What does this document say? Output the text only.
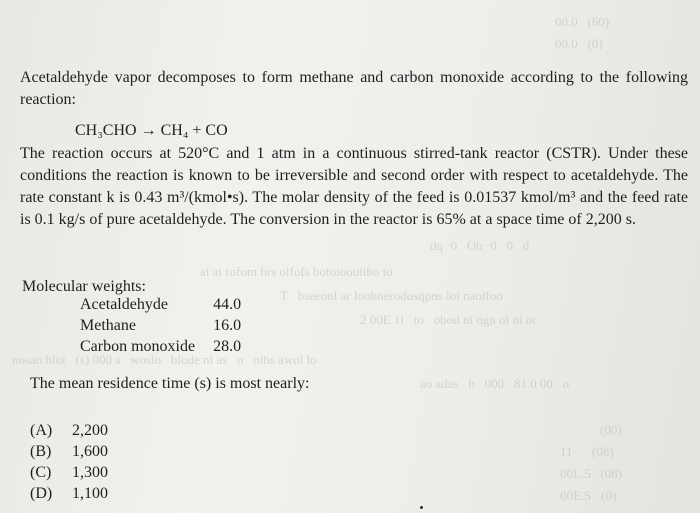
00.0   (60)
00.0   (0)
dq ·0   Ob ·0   0   d
ai ai rofom brs olfofs botoiooulibo to
T   bseeonl ar loobnerodosqpns loi naolfoo
2 00E 1l   to   obod ni ogn ol ni ot
nosao blot   (s) 000 s   woslo   blode nl as   o   oibs awol lo
ao adas   b   000   81.0 00   o
(00)
11      (08)
00L.5   (08)
00E.S   (0)

Acetaldehyde vapor decomposes to form methane and carbon monoxide according to the following reaction:

CH₃CHO → CH₄ + CO

The reaction occurs at 520°C and 1 atm in a continuous stirred-tank reactor (CSTR). Under these conditions the reaction is known to be irreversible and second order with respect to acetaldehyde. The rate constant k is 0.43 m³/(kmol•s). The molar density of the feed is 0.01537 kmol/m³ and the feed rate is 0.1 kg/s of pure acetaldehyde. The conversion in the reactor is 65% at a space time of 2,200 s.

Molecular weights:
Acetaldehyde	44.0
Methane	16.0
Carbon monoxide	28.0
The mean residence time (s) is most nearly:
(A)	2,200
(B)	1,600
(C)	1,300
(D)	1,100
